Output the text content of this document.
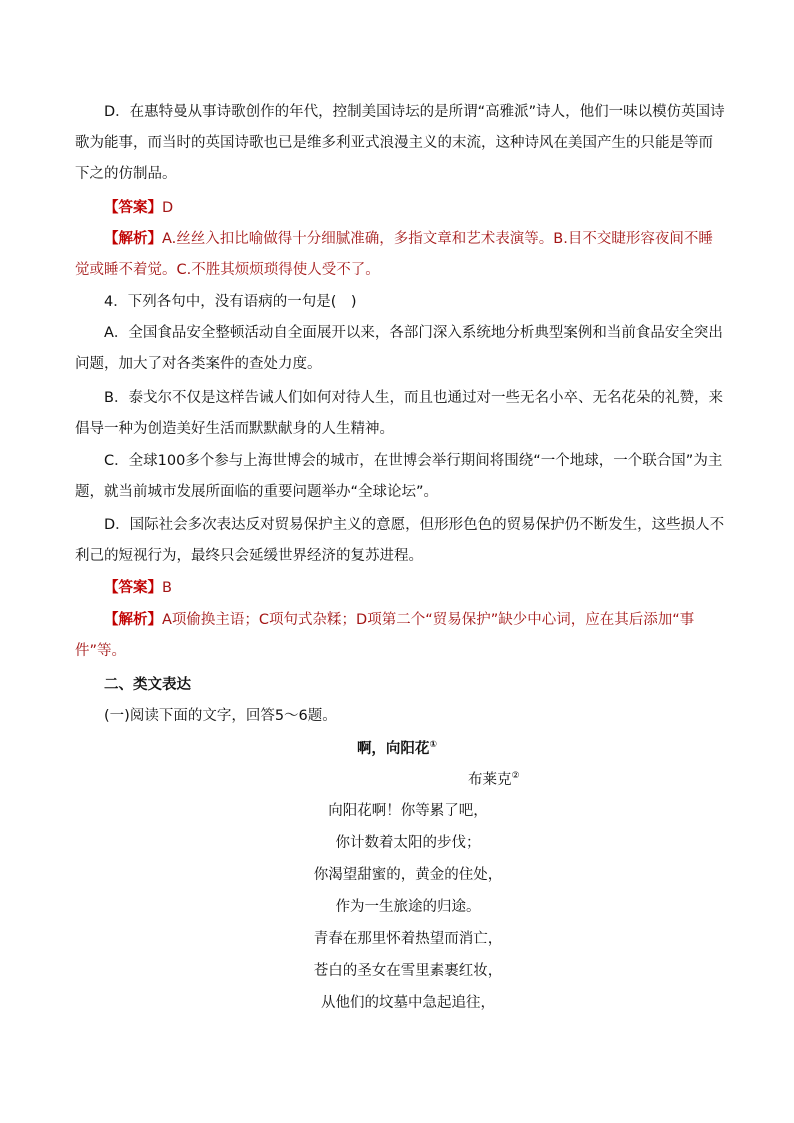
D．在惠特曼从事诗歌创作的年代，控制美国诗坛的是所谓“高雅派”诗人，他们一味以模仿英国诗歌为能事，而当时的英国诗歌也已是维多利亚式浪漫主义的末流，这种诗风在美国产生的只能是等而下之的仿制品。

【答案】D

【解析】A.丝丝入扣比喻做得十分细腻准确，多指文章和艺术表演等。B.目不交睫形容夜间不睡觉或睡不着觉。C.不胜其烦烦琐得使人受不了。

4．下列各句中，没有语病的一句是(　)

A．全国食品安全整顿活动自全面展开以来，各部门深入系统地分析典型案例和当前食品安全突出问题，加大了对各类案件的查处力度。

B．泰戈尔不仅是这样告诫人们如何对待人生，而且也通过对一些无名小卒、无名花朵的礼赞，来倡导一种为创造美好生活而默默献身的人生精神。

C．全球100多个参与上海世博会的城市，在世博会举行期间将围绕“一个地球，一个联合国”为主题，就当前城市发展所面临的重要问题举办“全球论坛”。

D．国际社会多次表达反对贸易保护主义的意愿，但形形色色的贸易保护仍不断发生，这些损人不利己的短视行为，最终只会延缓世界经济的复苏进程。

【答案】B

【解析】A项偷换主语；C项句式杂糅；D项第二个“贸易保护”缺少中心词，应在其后添加“事件”等。

二、类文表达

(一)阅读下面的文字，回答5～6题。

啊，向阳花①
布莱克②
向阳花啊！你等累了吧，
你计数着太阳的步伐；
你渴望甜蜜的，黄金的住处，
作为一生旅途的归途。
青春在那里怀着热望而消亡，
苍白的圣女在雪里素裹红妆，
从他们的坟墓中急起追往，
